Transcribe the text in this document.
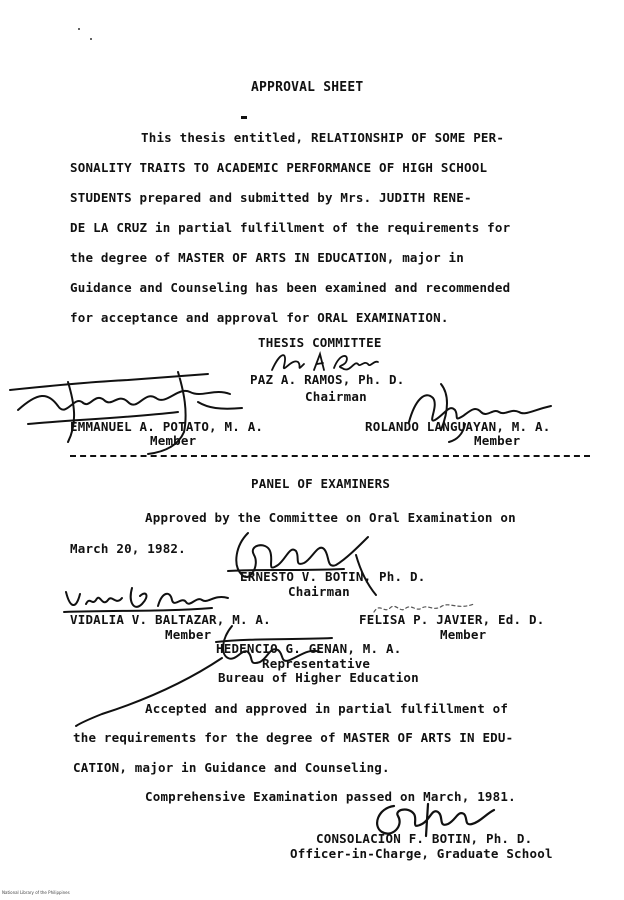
APPROVAL SHEET
This thesis entitled, RELATIONSHIP OF SOME PER-
SONALITY TRAITS TO ACADEMIC PERFORMANCE OF HIGH SCHOOL
STUDENTS prepared and submitted by Mrs. JUDITH RENE-
DE LA CRUZ in partial fulfillment of the requirements for
the degree of MASTER OF ARTS IN EDUCATION, major in
Guidance and Counseling has been examined and recommended
for acceptance and approval for ORAL EXAMINATION.
THESIS COMMITTEE
PAZ A. RAMOS, Ph. D.
Chairman
EMMANUEL A. POTATO, M. A.
Member
ROLANDO LANGUAYAN, M. A.
Member
PANEL OF EXAMINERS
Approved by the Committee on Oral Examination on
March 20, 1982.
ERNESTO V. BOTIN, Ph. D.
Chairman
VIDALIA V. BALTAZAR, M. A.
Member
FELISA P. JAVIER, Ed. D.
Member
HEDENCIO G. GENAN, M. A.
Representative
Bureau of Higher Education
Accepted and approved in partial fulfillment of
the requirements for the degree of MASTER OF ARTS IN EDU-
CATION, major in Guidance and Counseling.
Comprehensive Examination passed on March, 1981.
CONSOLACION F. BOTIN, Ph. D.
Officer-in-Charge, Graduate School
National Library of the Philippines
